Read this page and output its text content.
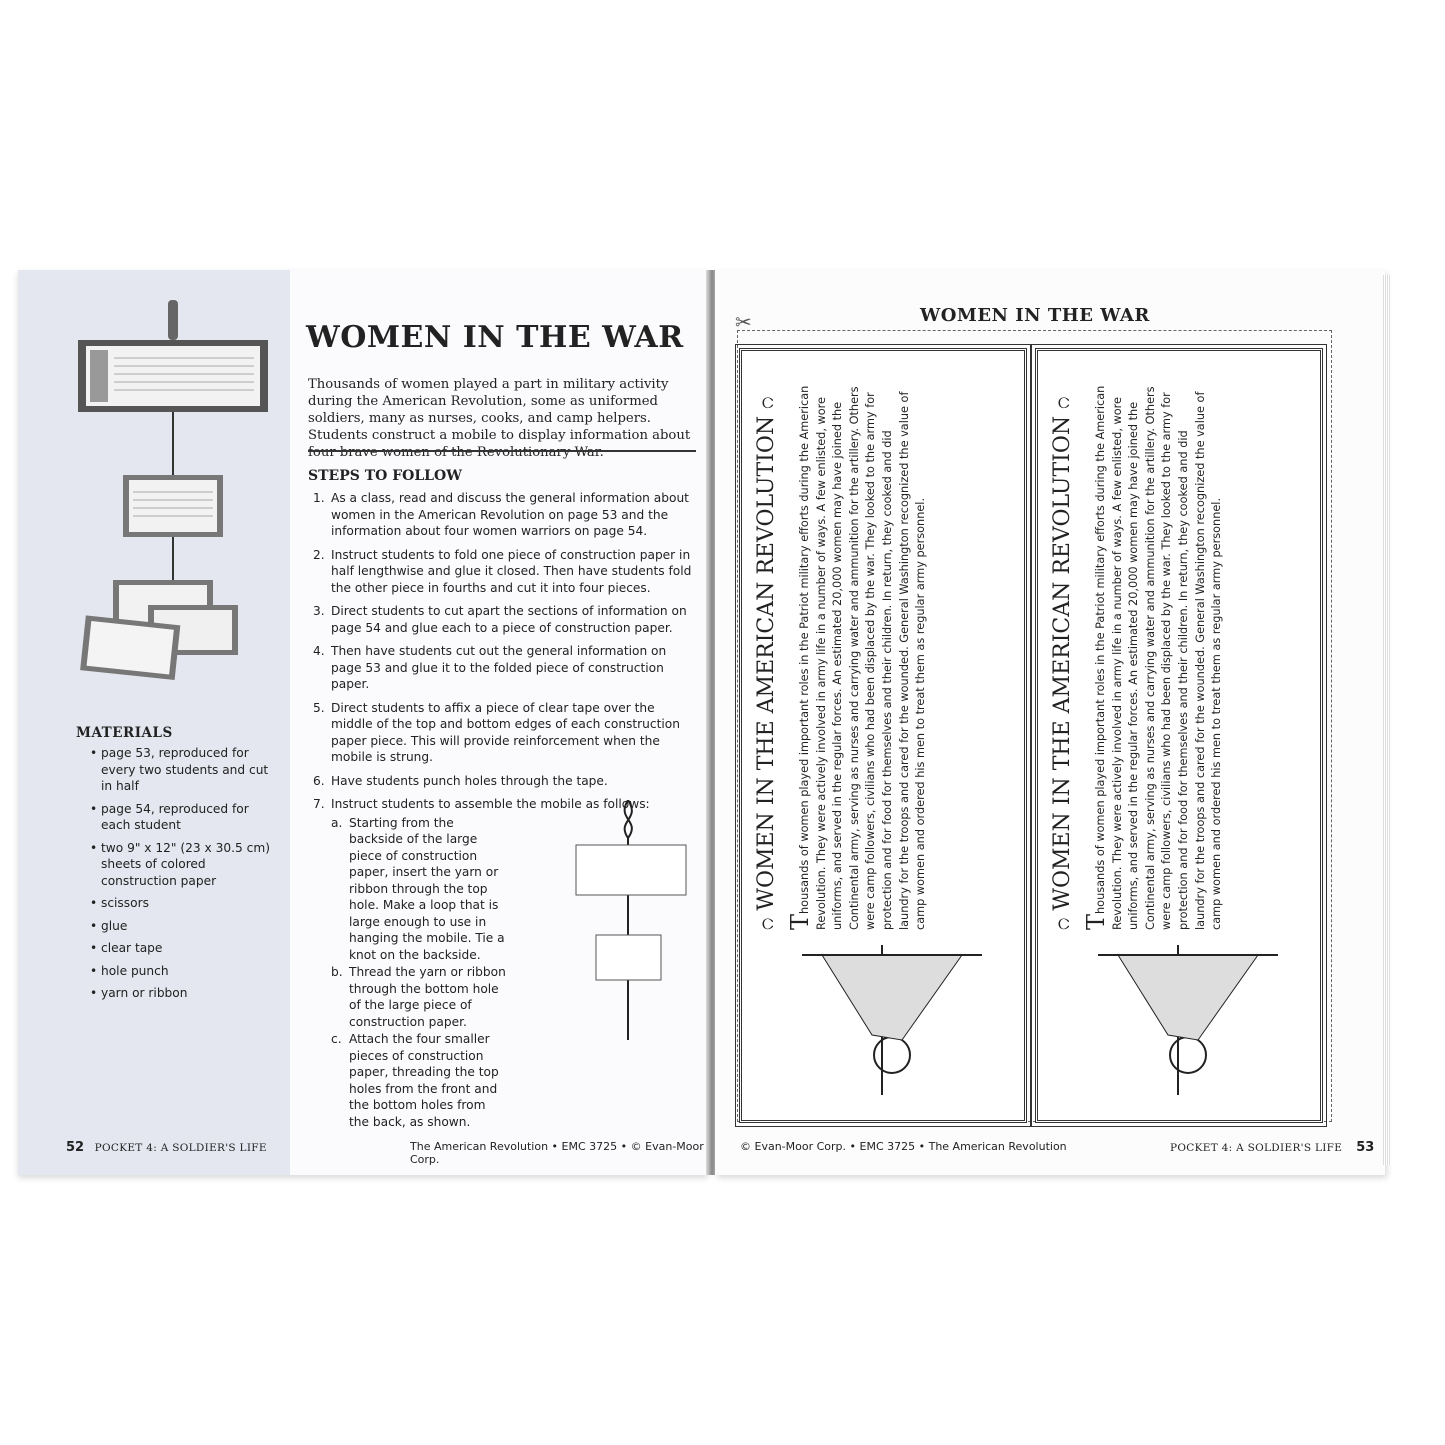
MATERIALS
• page 53, reproduced for every two students and cut in half
• page 54, reproduced for each student
• two 9" x 12" (23 x 30.5 cm) sheets of colored construction paper
• scissors
• glue
• clear tape
• hole punch
• yarn or ribbon
52 POCKET 4: A SOLDIER'S LIFE
WOMEN IN THE WAR

Thousands of women played a part in military activity during the American Revolution, some as uniformed soldiers, many as nurses, cooks, and camp helpers. Students construct a mobile to display information about four brave women of the Revolutionary War.

STEPS TO FOLLOW
1. As a class, read and discuss the general information about women in the American Revolution on page 53 and the information about four women warriors on page 54.
2. Instruct students to fold one piece of construction paper in half lengthwise and glue it closed. Then have students fold the other piece in fourths and cut it into four pieces.
3. Direct students to cut apart the sections of information on page 54 and glue each to a piece of construction paper.
4. Then have students cut out the general information on page 53 and glue it to the folded piece of construction paper.
5. Direct students to affix a piece of clear tape over the middle of the top and bottom edges of each construction paper piece. This will provide reinforcement when the mobile is strung.
6. Have students punch holes through the tape.
7. Instruct students to assemble the mobile as follows:
a. Starting from the backside of the large piece of construction paper, insert the yarn or ribbon through the top hole. Make a loop that is large enough to use in hanging the mobile. Tie a knot on the backside.
b. Thread the yarn or ribbon through the bottom hole of the large piece of construction paper.
c. Attach the four smaller pieces of construction paper, threading the top holes from the front and the bottom holes from the back, as shown.
The American Revolution • EMC 3725 • © Evan-Moor Corp.
WOMEN IN THE WAR
✂
೧ WOMEN IN THE AMERICAN REVOLUTION ೧
Thousands of women played important roles in the Patriot military efforts during the American Revolution. They were actively involved in army life in a number of ways. A few enlisted, wore uniforms, and served in the regular forces. An estimated 20,000 women may have joined the Continental army, serving as nurses and carrying water and ammunition for the artillery. Others were camp followers, civilians who had been displaced by the war. They looked to the army for protection and for food for themselves and their children. In return, they cooked and did laundry for the troops and cared for the wounded. General Washington recognized the value of camp women and ordered his men to treat them as regular army personnel.	೧ WOMEN IN THE AMERICAN REVOLUTION ೧
Thousands of women played important roles in the Patriot military efforts during the American Revolution. They were actively involved in army life in a number of ways. A few enlisted, wore uniforms, and served in the regular forces. An estimated 20,000 women may have joined the Continental army, serving as nurses and carrying water and ammunition for the artillery. Others were camp followers, civilians who had been displaced by the war. They looked to the army for protection and for food for themselves and their children. In return, they cooked and did laundry for the troops and cared for the wounded. General Washington recognized the value of camp women and ordered his men to treat them as regular army personnel.
© Evan-Moor Corp. • EMC 3725 • The American Revolution	POCKET 4: A SOLDIER'S LIFE 53
